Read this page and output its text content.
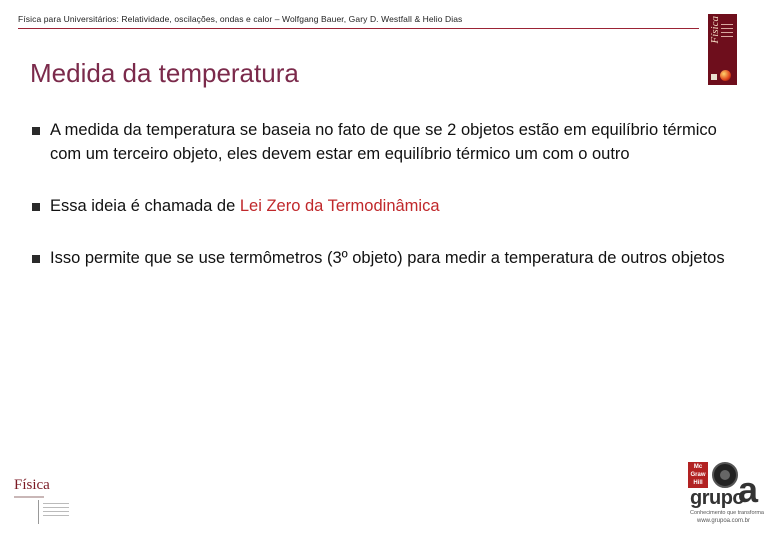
Física para Universitários: Relatividade, oscilações, ondas e calor – Wolfgang Bauer, Gary D. Westfall & Helio Dias	Física
Medida da temperatura
A medida da temperatura se baseia no fato de que se 2 objetos estão em equilíbrio térmico com um terceiro objeto, eles devem estar em equilíbrio térmico um com o outro
Essa ideia é chamada de Lei Zero da Termodinâmica
Isso permite que se use termômetros (3º objeto) para medir a temperatura de outros objetos
Física
Mc Graw Hill
grupo
a
Conhecimento que transforma
www.grupoa.com.br
